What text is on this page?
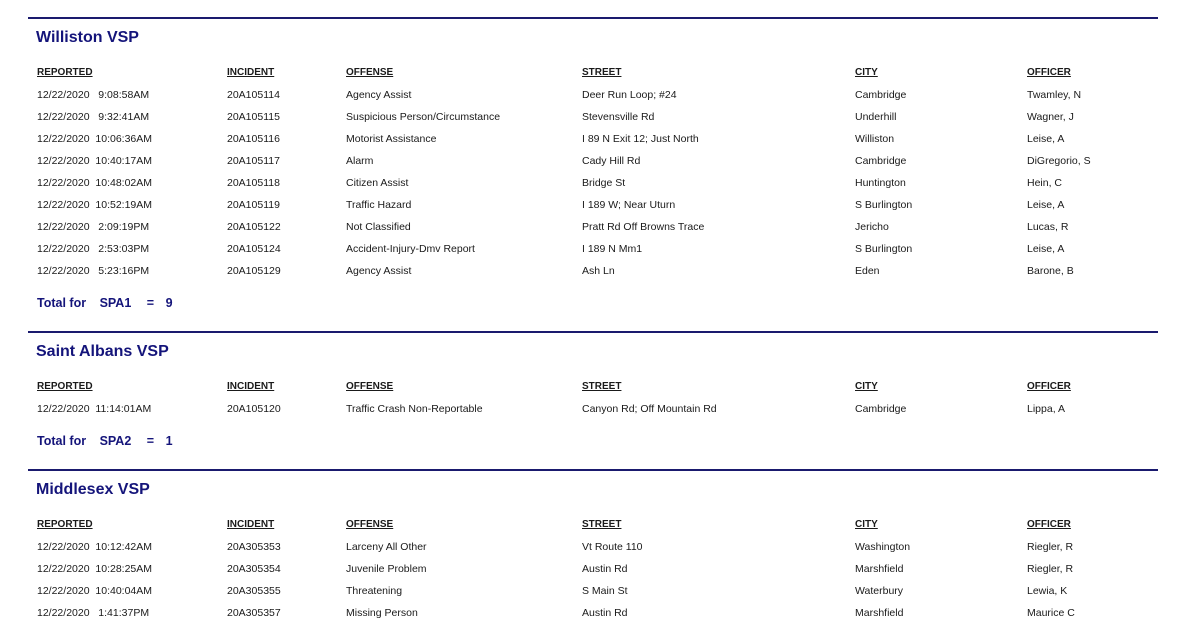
Williston VSP
REPORTED	INCIDENT	OFFENSE	STREET	CITY	OFFICER
12/22/2020   9:08:58AM	20A105114	Agency Assist	Deer Run Loop; #24	Cambridge	Twamley, N
12/22/2020   9:32:41AM	20A105115	Suspicious Person/Circumstance	Stevensville Rd	Underhill	Wagner, J
12/22/2020  10:06:36AM	20A105116	Motorist Assistance	I 89 N Exit 12; Just North	Williston	Leise, A
12/22/2020  10:40:17AM	20A105117	Alarm	Cady Hill Rd	Cambridge	DiGregorio, S
12/22/2020  10:48:02AM	20A105118	Citizen Assist	Bridge St	Huntington	Hein, C
12/22/2020  10:52:19AM	20A105119	Traffic Hazard	I 189 W; Near Uturn	S Burlington	Leise, A
12/22/2020   2:09:19PM	20A105122	Not Classified	Pratt Rd Off Browns Trace	Jericho	Lucas, R
12/22/2020   2:53:03PM	20A105124	Accident-Injury-Dmv Report	I 189 N Mm1	S Burlington	Leise, A
12/22/2020   5:23:16PM	20A105129	Agency Assist	Ash Ln	Eden	Barone, B
Total for SPA1 = 9
Saint Albans VSP
REPORTED	INCIDENT	OFFENSE	STREET	CITY	OFFICER
12/22/2020  11:14:01AM	20A105120	Traffic Crash Non-Reportable	Canyon Rd; Off Mountain Rd	Cambridge	Lippa, A
Total for SPA2 = 1
Middlesex VSP
REPORTED	INCIDENT	OFFENSE	STREET	CITY	OFFICER
12/22/2020  10:12:42AM	20A305353	Larceny All Other	Vt Route 110	Washington	Riegler, R
12/22/2020  10:28:25AM	20A305354	Juvenile Problem	Austin Rd	Marshfield	Riegler, R
12/22/2020  10:40:04AM	20A305355	Threatening	S Main St	Waterbury	Lewia, K
12/22/2020   1:41:37PM	20A305357	Missing Person	Austin Rd	Marshfield	Maurice C
